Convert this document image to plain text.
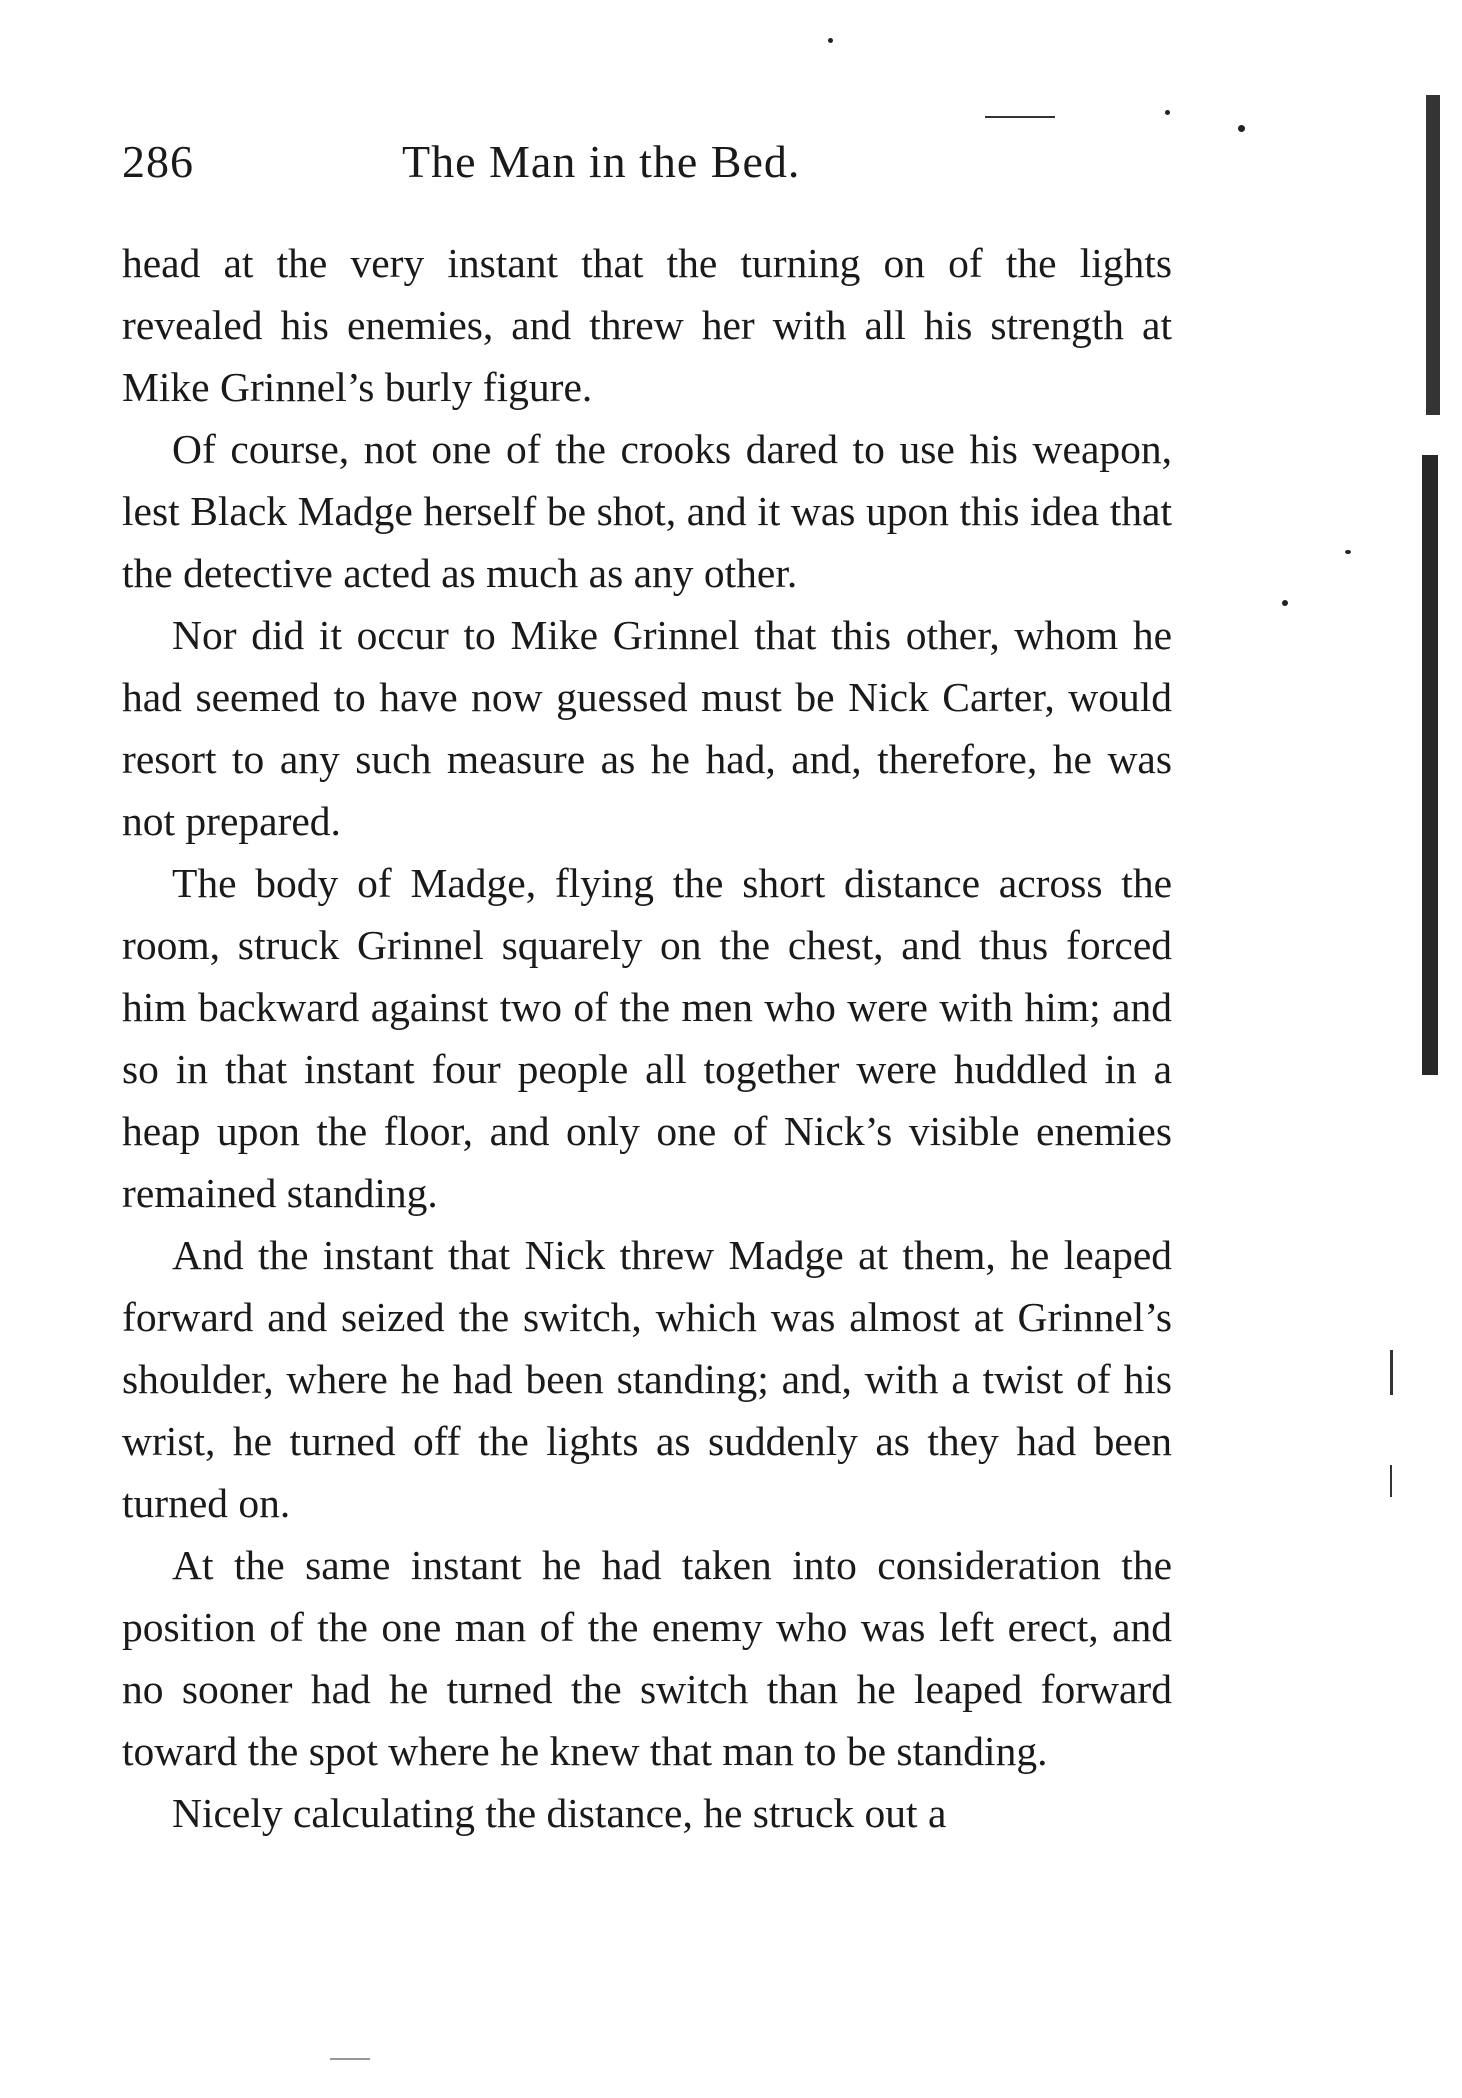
286	The Man in the Bed.

head at the very instant that the turning on of the lights revealed his enemies, and threw her with all his strength at Mike Grinnel’s burly figure.

Of course, not one of the crooks dared to use his weapon, lest Black Madge herself be shot, and it was upon this idea that the detective acted as much as any other.

Nor did it occur to Mike Grinnel that this other, whom he had seemed to have now guessed must be Nick Carter, would resort to any such measure as he had, and, therefore, he was not prepared.

The body of Madge, flying the short distance across the room, struck Grinnel squarely on the chest, and thus forced him backward against two of the men who were with him; and so in that instant four people all together were huddled in a heap upon the floor, and only one of Nick’s visible enemies remained standing.

And the instant that Nick threw Madge at them, he leaped forward and seized the switch, which was almost at Grinnel’s shoulder, where he had been standing; and, with a twist of his wrist, he turned off the lights as suddenly as they had been turned on.

At the same instant he had taken into consideration the position of the one man of the enemy who was left erect, and no sooner had he turned the switch than he leaped forward toward the spot where he knew that man to be standing.

Nicely calculating the distance, he struck out a
